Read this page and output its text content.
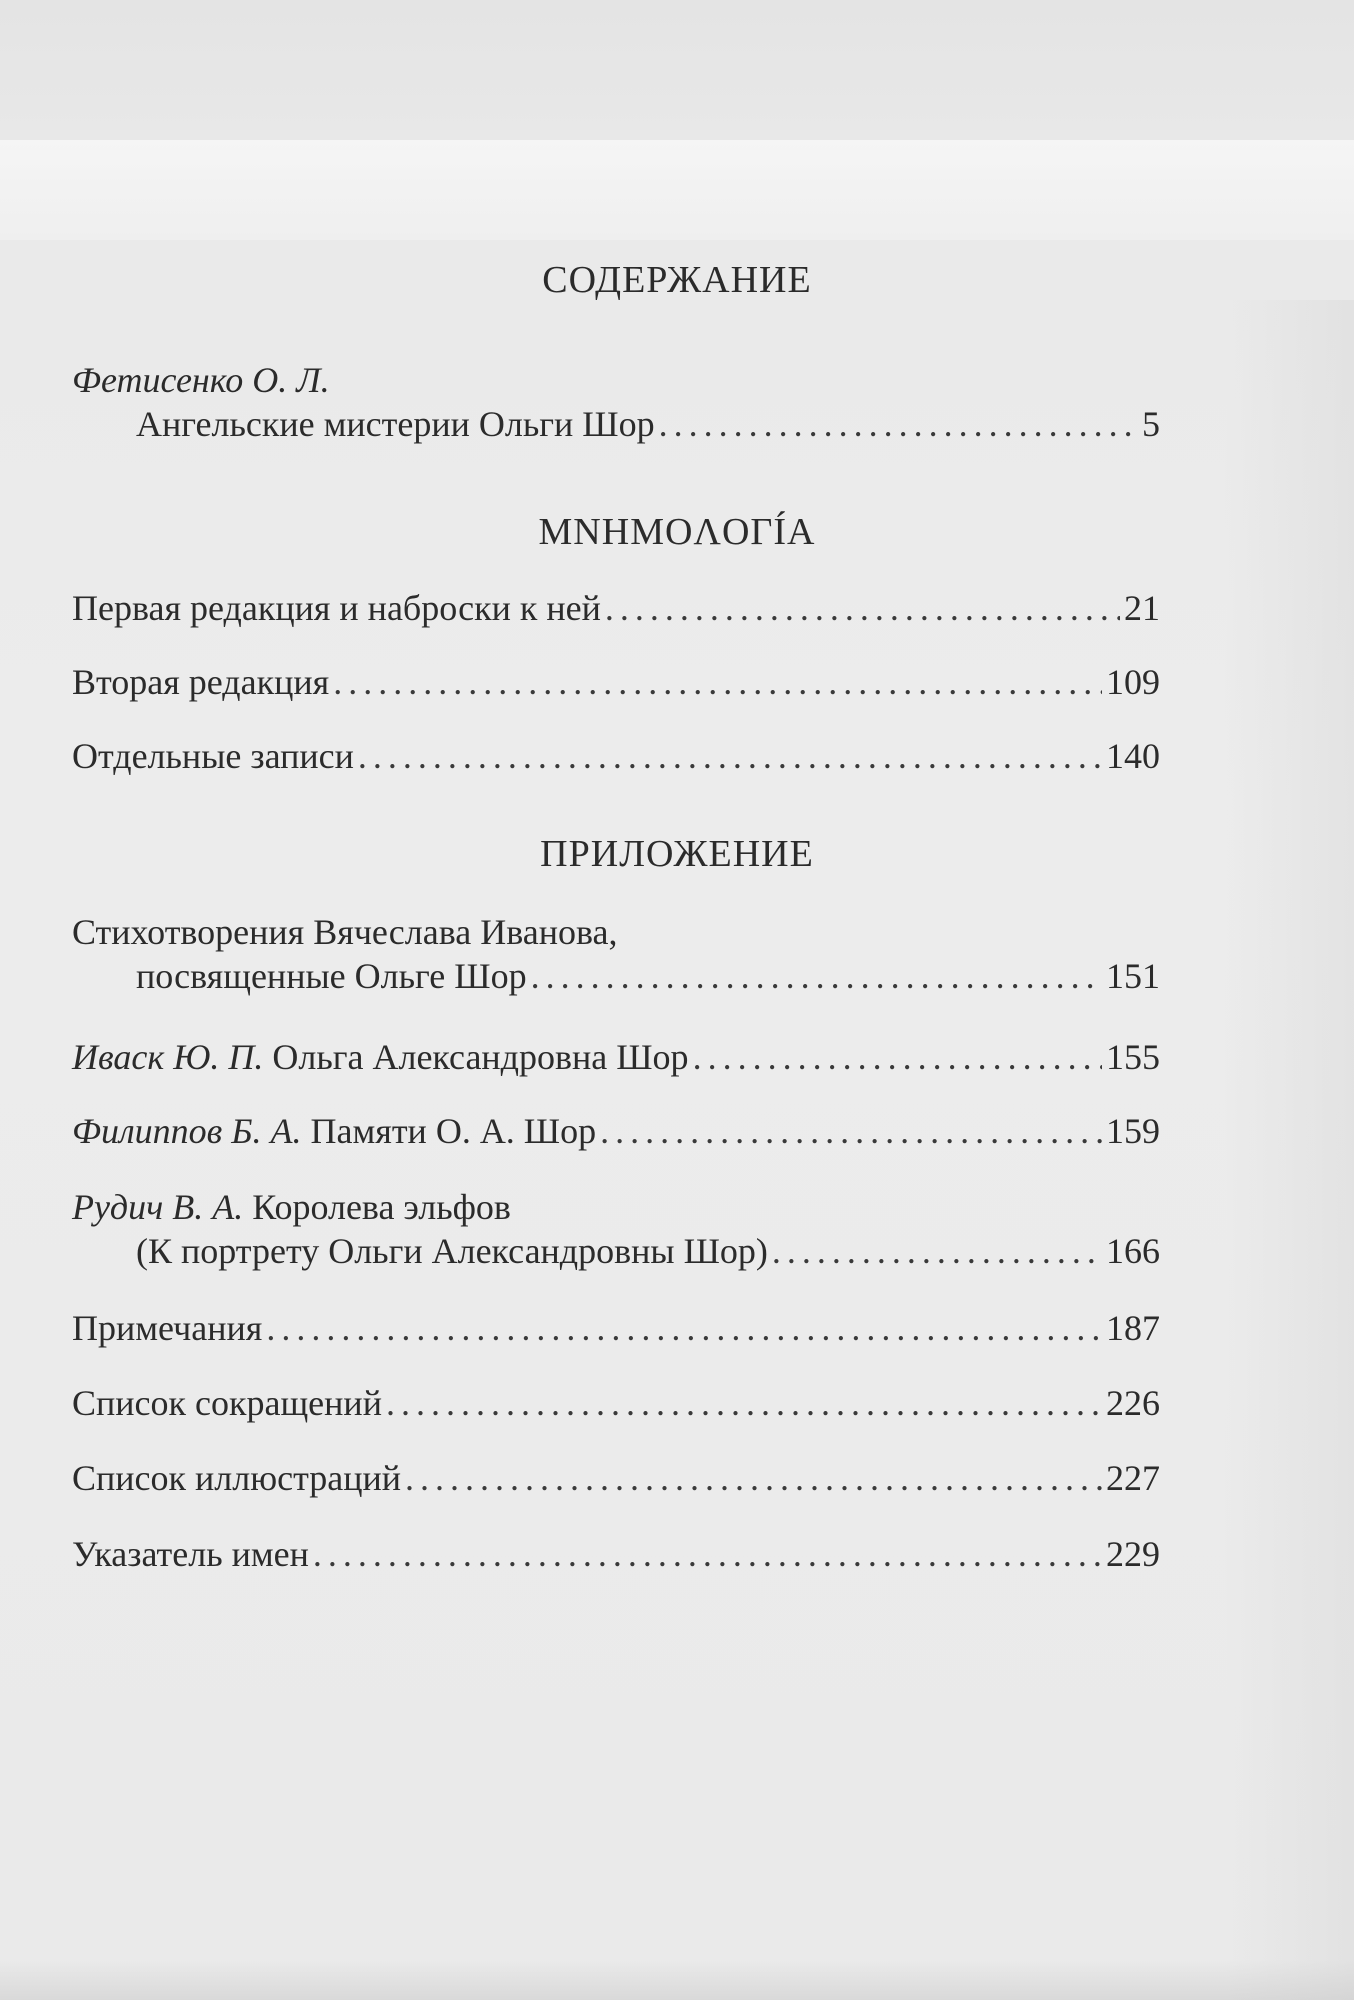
СОДЕРЖАНИЕ
Фетисенко О. Л.
Ангельские мистерии Ольги Шор .....	5
MNHMOΛOΓÍA
Первая редакция и наброски к ней .....	21
Вторая редакция .....	109
Отдельные записи .....	140
ПРИЛОЖЕНИЕ
Стихотворения Вячеслава Иванова,
посвященные Ольге Шор .....	151
Иваск Ю. П.
Ольга Александровна Шор .....	155
Филиппов Б. А.
Памяти О. А. Шор .....	159
Рудич В. А.
Королева эльфов
(К портрету Ольги Александровны Шор) .....	166
Примечания .....	187
Список сокращений .....	226
Список иллюстраций .....	227
Указатель имен .....	229
